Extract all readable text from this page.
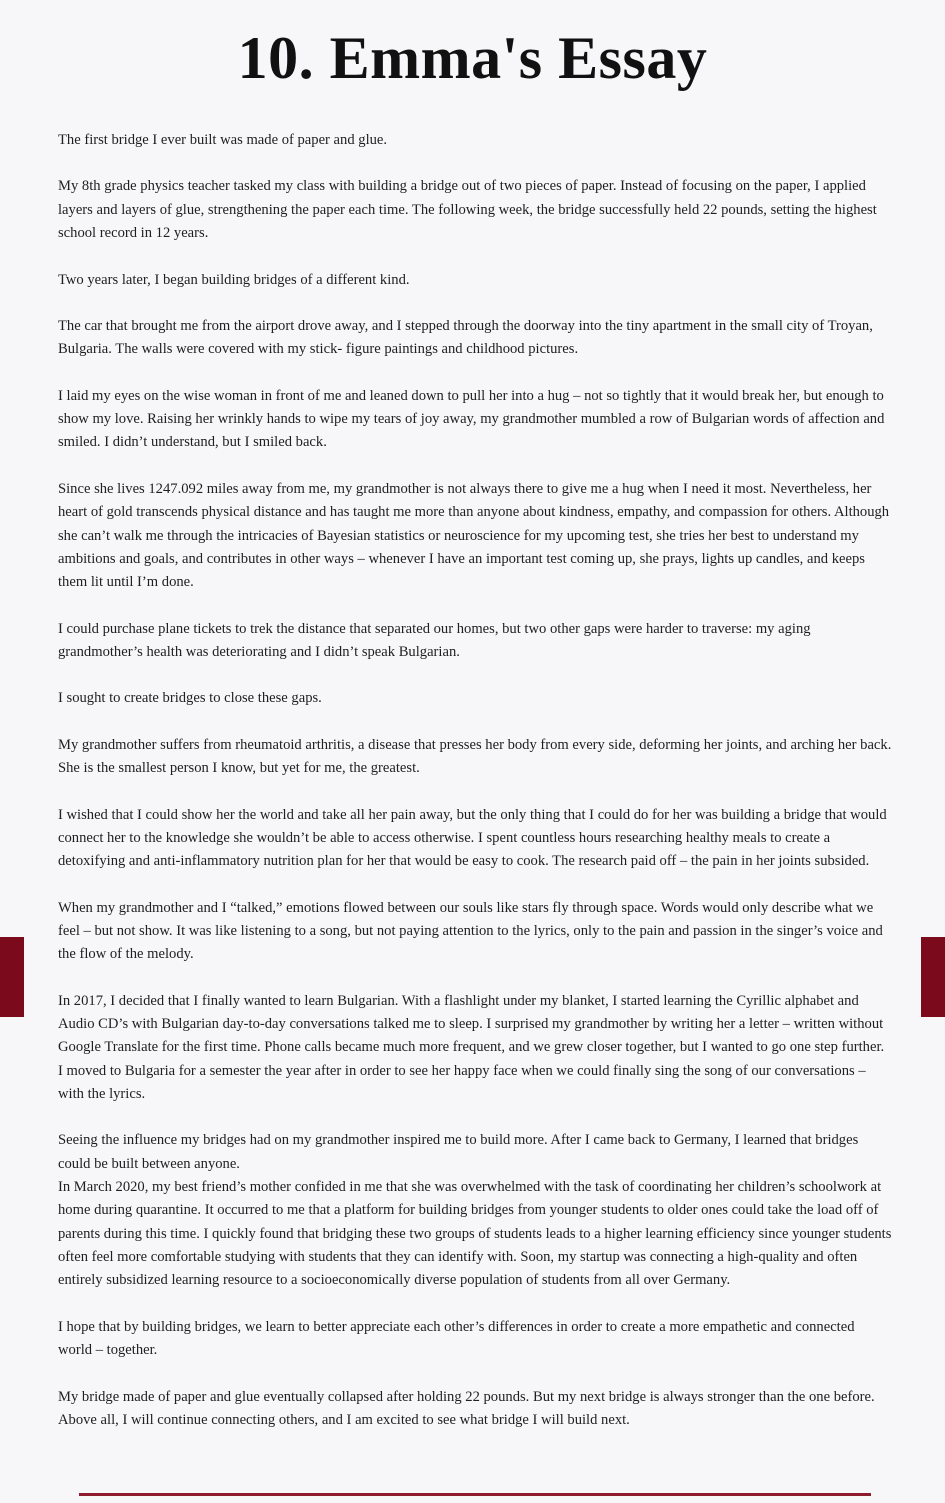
10. Emma's Essay

The first bridge I ever built was made of paper and glue.

My 8th grade physics teacher tasked my class with building a bridge out of two pieces of paper. Instead of focusing on the paper, I applied layers and layers of glue, strengthening the paper each time. The following week, the bridge successfully held 22 pounds, setting the highest school record in 12 years.

Two years later, I began building bridges of a different kind.

The car that brought me from the airport drove away, and I stepped through the doorway into the tiny apartment in the small city of Troyan, Bulgaria. The walls were covered with my stick- figure paintings and childhood pictures.

I laid my eyes on the wise woman in front of me and leaned down to pull her into a hug – not so tightly that it would break her, but enough to show my love. Raising her wrinkly hands to wipe my tears of joy away, my grandmother mumbled a row of Bulgarian words of affection and smiled. I didn’t understand, but I smiled back.

Since she lives 1247.092 miles away from me, my grandmother is not always there to give me a hug when I need it most. Nevertheless, her heart of gold transcends physical distance and has taught me more than anyone about kindness, empathy, and compassion for others. Although she can’t walk me through the intricacies of Bayesian statistics or neuroscience for my upcoming test, she tries her best to understand my ambitions and goals, and contributes in other ways – whenever I have an important test coming up, she prays, lights up candles, and keeps them lit until I’m done.

I could purchase plane tickets to trek the distance that separated our homes, but two other gaps were harder to traverse: my aging grandmother’s health was deteriorating and I didn’t speak Bulgarian.

I sought to create bridges to close these gaps.

My grandmother suffers from rheumatoid arthritis, a disease that presses her body from every side, deforming her joints, and arching her back. She is the smallest person I know, but yet for me, the greatest.

I wished that I could show her the world and take all her pain away, but the only thing that I could do for her was building a bridge that would connect her to the knowledge she wouldn’t be able to access otherwise. I spent countless hours researching healthy meals to create a detoxifying and anti-inflammatory nutrition plan for her that would be easy to cook. The research paid off – the pain in her joints subsided.

When my grandmother and I “talked,” emotions flowed between our souls like stars fly through space. Words would only describe what we feel – but not show. It was like listening to a song, but not paying attention to the lyrics, only to the pain and passion in the singer’s voice and the flow of the melody.

In 2017, I decided that I finally wanted to learn Bulgarian. With a flashlight under my blanket, I started learning the Cyrillic alphabet and Audio CD’s with Bulgarian day-to-day conversations talked me to sleep. I surprised my grandmother by writing her a letter – written without Google Translate for the first time. Phone calls became much more frequent, and we grew closer together, but I wanted to go one step further. I moved to Bulgaria for a semester the year after in order to see her happy face when we could finally sing the song of our conversations – with the lyrics.

Seeing the influence my bridges had on my grandmother inspired me to build more. After I came back to Germany, I learned that bridges could be built between anyone.

In March 2020, my best friend’s mother confided in me that she was overwhelmed with the task of coordinating her children’s schoolwork at home during quarantine. It occurred to me that a platform for building bridges from younger students to older ones could take the load off of parents during this time. I quickly found that bridging these two groups of students leads to a higher learning efficiency since younger students often feel more comfortable studying with students that they can identify with. Soon, my startup was connecting a high-quality and often entirely subsidized learning resource to a socioeconomically diverse population of students from all over Germany.

I hope that by building bridges, we learn to better appreciate each other’s differences in order to create a more empathetic and connected world – together.

My bridge made of paper and glue eventually collapsed after holding 22 pounds. But my next bridge is always stronger than the one before. Above all, I will continue connecting others, and I am excited to see what bridge I will build next.
